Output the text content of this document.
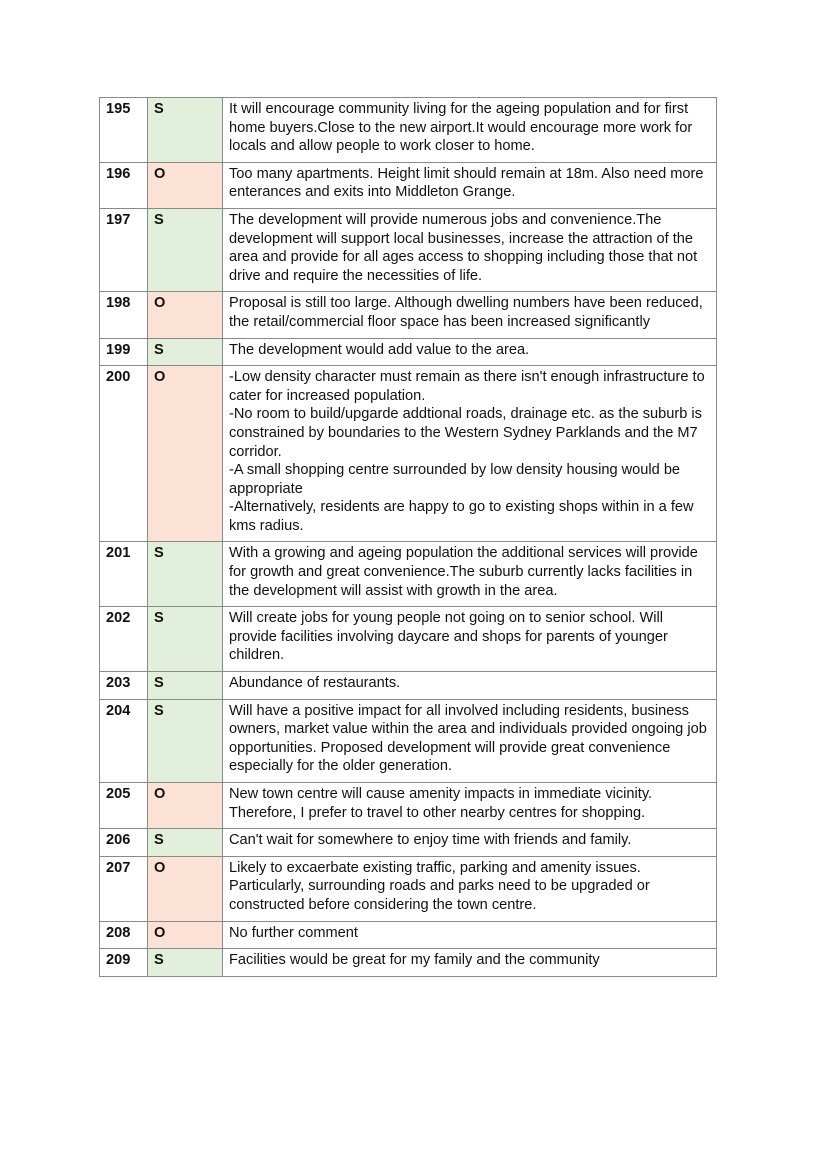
195	S	It will encourage community living for the ageing population and for first home buyers.Close to the new airport.It would encourage more work for locals and allow people to work closer to home.

196	O	Too many apartments. Height limit should remain at 18m. Also need more enterances and exits into Middleton Grange.

197	S	The development will provide numerous jobs and convenience.The development will support local businesses, increase the attraction of the area and provide for all ages access to shopping including those that not drive and require the necessities of life.

198	O	Proposal is still too large. Although dwelling numbers have been reduced, the retail/commercial floor space has been increased significantly

199	S	The development would add value to the area.

200	O	-Low density character must remain as there isn't enough infrastructure to cater for increased population.
-No room to build/upgarde addtional roads, drainage etc. as the suburb is constrained by boundaries to the Western Sydney Parklands and the M7 corridor.
-A small shopping centre surrounded by low density housing would be appropriate
-Alternatively, residents are happy to go to existing shops within in a few kms radius.

201	S	With a growing and ageing population the additional services will provide for growth and great convenience.The suburb currently lacks facilities in the development will assist with growth in the area.

202	S	Will create jobs for young people not going on to senior school. Will provide facilities involving daycare and shops for parents of younger children.

203	S	Abundance of restaurants.

204	S	Will have a positive impact for all involved including residents, business owners, market value within the area and individuals provided ongoing job opportunities. Proposed development will provide great convenience especially for the older generation.

205	O	New town centre will cause amenity impacts in immediate vicinity. Therefore, I prefer to travel to other nearby centres for shopping.

206	S	Can't wait for somewhere to enjoy time with friends and family.

207	O	Likely to excaerbate existing traffic, parking and amenity issues. Particularly, surrounding roads and parks need to be upgraded or constructed before considering the town centre.

208	O	No further comment

209	S	Facilities would be great for my family and the community
